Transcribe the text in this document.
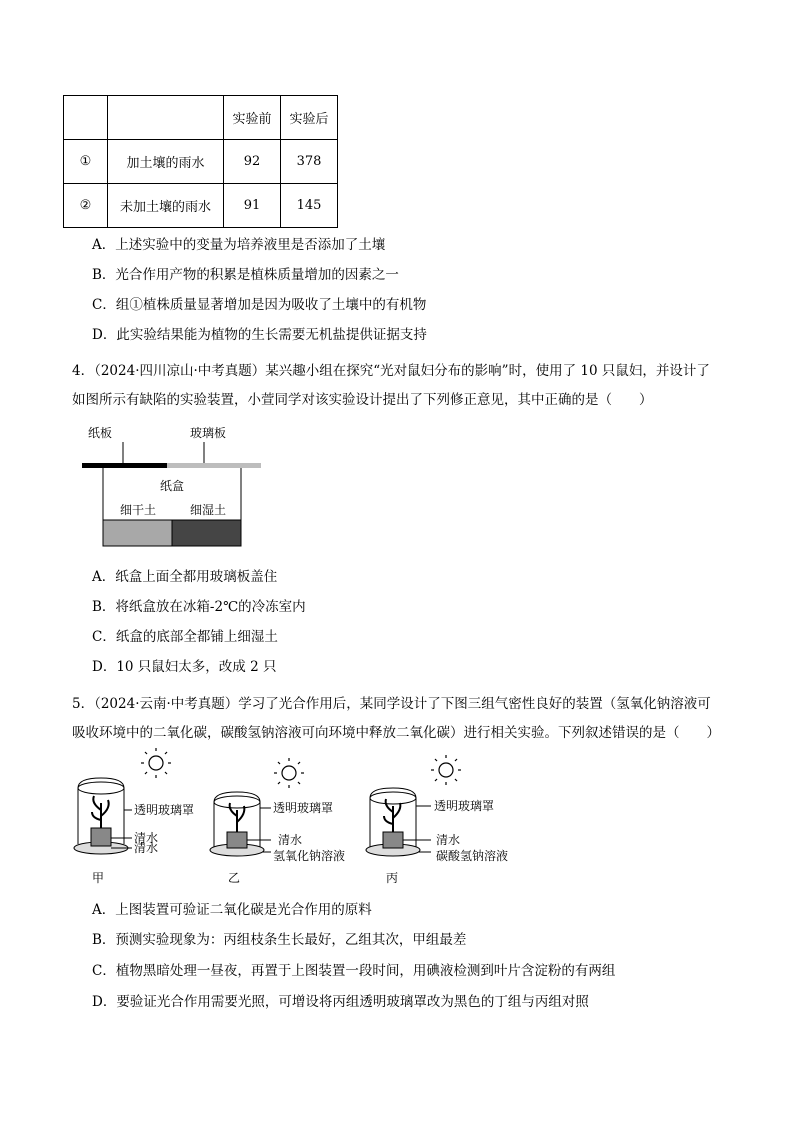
		实验前	实验后
①	加土壤的雨水	92	378
②	未加土壤的雨水	91	145
A．上述实验中的变量为培养液里是否添加了土壤
B．光合作用产物的积累是植株质量增加的因素之一
C．组①植株质量显著增加是因为吸收了土壤中的有机物
D．此实验结果能为植物的生长需要无机盐提供证据支持
4．（2024·四川凉山·中考真题）某兴趣小组在探究“光对鼠妇分布的影响”时，使用了 10 只鼠妇，并设计了
如图所示有缺陷的实验装置，小萱同学对该实验设计提出了下列修正意见，其中正确的是（　　）
纸板	玻璃板
纸盒
细干土	细湿土
A．纸盒上面全都用玻璃板盖住
B．将纸盒放在冰箱-2℃的冷冻室内
C．纸盒的底部全都铺上细湿土
D．10 只鼠妇太多，改成 2 只
5．（2024·云南·中考真题）学习了光合作用后，某同学设计了下图三组气密性良好的装置（氢氧化钠溶液可
吸收环境中的二氧化碳，碳酸氢钠溶液可向环境中释放二氧化碳）进行相关实验。下列叙述错误的是（　　）
透明玻璃罩
清水
清水
甲
透明玻璃罩
清水
氢氧化钠溶液
乙
透明玻璃罩
清水
碳酸氢钠溶液
丙
A．上图装置可验证二氧化碳是光合作用的原料
B．预测实验现象为：丙组枝条生长最好，乙组其次，甲组最差
C．植物黑暗处理一昼夜，再置于上图装置一段时间，用碘液检测到叶片含淀粉的有两组
D．要验证光合作用需要光照，可增设将丙组透明玻璃罩改为黑色的丁组与丙组对照
